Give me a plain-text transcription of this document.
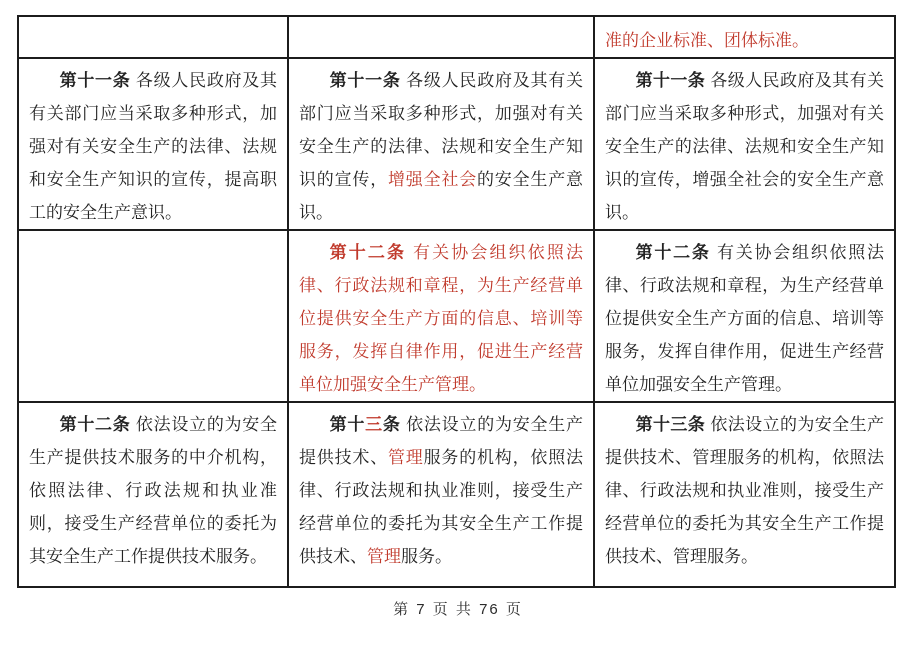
		准的企业标准、团体标准。

第十一条 各级人民政府及其有关部门应当采取多种形式，加强对有关安全生产的法律、法规和安全生产知识的宣传，提高职工的安全生产意识。	第十一条 各级人民政府及其有关部门应当采取多种形式，加强对有关安全生产的法律、法规和安全生产知识的宣传，增强全社会的安全生产意识。	第十一条 各级人民政府及其有关部门应当采取多种形式，加强对有关安全生产的法律、法规和安全生产知识的宣传，增强全社会的安全生产意识。

	第十二条 有关协会组织依照法律、行政法规和章程，为生产经营单位提供安全生产方面的信息、培训等服务，发挥自律作用，促进生产经营单位加强安全生产管理。	第十二条 有关协会组织依照法律、行政法规和章程，为生产经营单位提供安全生产方面的信息、培训等服务，发挥自律作用，促进生产经营单位加强安全生产管理。

第十二条 依法设立的为安全生产提供技术服务的中介机构，依照法律、行政法规和执业准则，接受生产经营单位的委托为其安全生产工作提供技术服务。	第十三条 依法设立的为安全生产提供技术、管理服务的机构，依照法律、行政法规和执业准则，接受生产经营单位的委托为其安全生产工作提供技术、管理服务。	第十三条 依法设立的为安全生产提供技术、管理服务的机构，依照法律、行政法规和执业准则，接受生产经营单位的委托为其安全生产工作提供技术、管理服务。

第 7 页 共 76 页
